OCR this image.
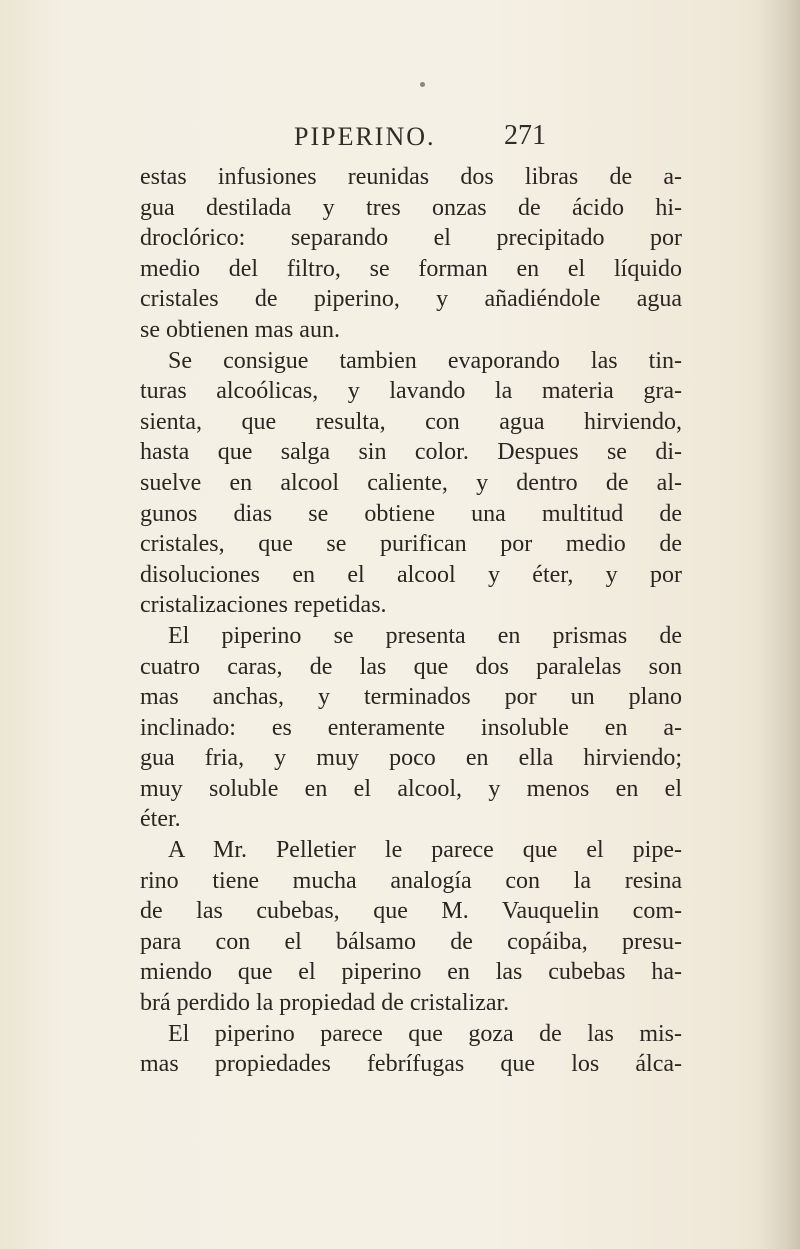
PIPERINO. 271
estas infusiones reunidas dos libras de a-
gua destilada y tres onzas de ácido hi-
droclórico: separando el precipitado por
medio del filtro, se forman en el líquido
cristales de piperino, y añadiéndole agua
se obtienen mas aun.
Se consigue tambien evaporando las tin-
turas alcoólicas, y lavando la materia gra-
sienta, que resulta, con agua hirviendo,
hasta que salga sin color. Despues se di-
suelve en alcool caliente, y dentro de al-
gunos dias se obtiene una multitud de
cristales, que se purifican por medio de
disoluciones en el alcool y éter, y por
cristalizaciones repetidas.
El piperino se presenta en prismas de
cuatro caras, de las que dos paralelas son
mas anchas, y terminados por un plano
inclinado: es enteramente insoluble en a-
gua fria, y muy poco en ella hirviendo;
muy soluble en el alcool, y menos en el
éter.
A Mr. Pelletier le parece que el pipe-
rino tiene mucha analogía con la resina
de las cubebas, que M. Vauquelin com-
para con el bálsamo de copáiba, presu-
miendo que el piperino en las cubebas ha-
brá perdido la propiedad de cristalizar.
El piperino parece que goza de las mis-
mas propiedades febrífugas que los álca-
